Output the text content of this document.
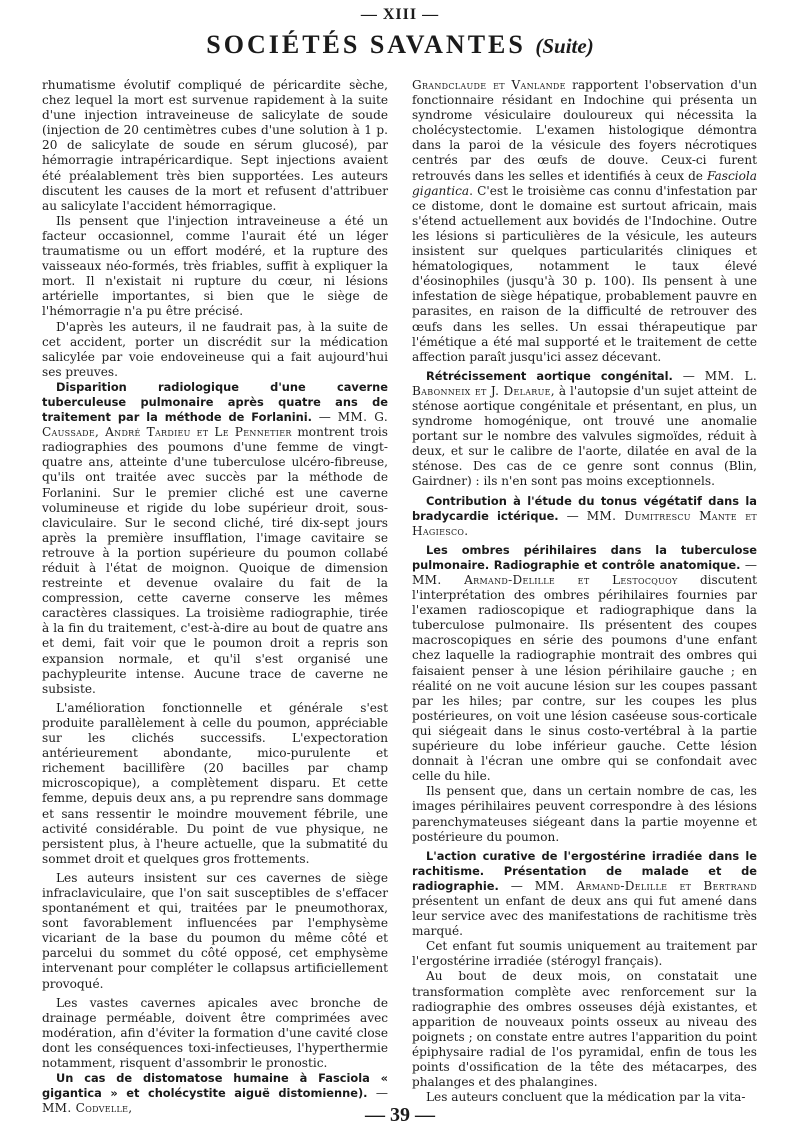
— XIII —
SOCIÉTÉS SAVANTES (Suite)

rhumatisme évolutif compliqué de péricardite sèche, chez lequel la mort est survenue rapidement à la suite d'une injection intraveineuse de salicylate de soude (injection de 20 centimètres cubes d'une solution à 1 p. 20 de salicylate de soude en sérum glucosé), par hémorragie intrapéricardique. Sept injections avaient été préalablement très bien supportées. Les auteurs discutent les causes de la mort et refusent d'attribuer au salicylate l'accident hémorragique.

Ils pensent que l'injection intraveineuse a été un facteur occasionnel, comme l'aurait été un léger traumatisme ou un effort modéré, et la rupture des vaisseaux néo-formés, très friables, suffit à expliquer la mort. Il n'existait ni rupture du cœur, ni lésions artérielle importantes, si bien que le siège de l'hémorragie n'a pu être précisé.

D'après les auteurs, il ne faudrait pas, à la suite de cet accident, porter un discrédit sur la médication salicylée par voie endoveineuse qui a fait aujourd'hui ses preuves.

Disparition radiologique d'une caverne tuberculeuse pulmonaire après quatre ans de traitement par la méthode de Forlanini. — MM. G. Caussade, André Tardieu et Le Pennetier montrent trois radiographies des poumons d'une femme de vingt-quatre ans, atteinte d'une tuberculose ulcéro-fibreuse, qu'ils ont traitée avec succès par la méthode de Forlanini. Sur le premier cliché est une caverne volumineuse et rigide du lobe supérieur droit, sous-claviculaire. Sur le second cliché, tiré dix-sept jours après la première insufflation, l'image cavitaire se retrouve à la portion supérieure du poumon collabé réduit à l'état de moignon. Quoique de dimension restreinte et devenue ovalaire du fait de la compression, cette caverne conserve les mêmes caractères classiques. La troisième radiographie, tirée à la fin du traitement, c'est-à-dire au bout de quatre ans et demi, fait voir que le poumon droit a repris son expansion normale, et qu'il s'est organisé une pachypleurite intense. Aucune trace de caverne ne subsiste.

L'amélioration fonctionnelle et générale s'est produite parallèlement à celle du poumon, appréciable sur les clichés successifs. L'expectoration antérieurement abondante, mico-purulente et richement bacillifère (20 bacilles par champ microscopique), a complètement disparu. Et cette femme, depuis deux ans, a pu reprendre sans dommage et sans ressentir le moindre mouvement fébrile, une activité considérable. Du point de vue physique, ne persistent plus, à l'heure actuelle, que la submatité du sommet droit et quelques gros frottements.

Les auteurs insistent sur ces cavernes de siège infraclaviculaire, que l'on sait susceptibles de s'effacer spontanément et qui, traitées par le pneumothorax, sont favorablement influencées par l'emphysème vicariant de la base du poumon du même côté et parcelui du sommet du côté opposé, cet emphysème intervenant pour compléter le collapsus artificiellement provoqué.

Les vastes cavernes apicales avec bronche de drainage perméable, doivent être comprimées avec modération, afin d'éviter la formation d'une cavité close dont les conséquences toxi-infectieuses, l'hyperthermie notamment, risquent d'assombrir le pronostic.

Un cas de distomatose humaine à Fasciola « gigantica » et cholécystite aiguë distomienne). — MM. Codvelle,

Grandclaude et Vanlande rapportent l'observation d'un fonctionnaire résidant en Indochine qui présenta un syndrome vésiculaire douloureux qui nécessita la cholécystectomie. L'examen histologique démontra dans la paroi de la vésicule des foyers nécrotiques centrés par des œufs de douve. Ceux-ci furent retrouvés dans les selles et identifiés à ceux de Fasciola gigantica. C'est le troisième cas connu d'infestation par ce distome, dont le domaine est surtout africain, mais s'étend actuellement aux bovidés de l'Indochine. Outre les lésions si particulières de la vésicule, les auteurs insistent sur quelques particularités cliniques et hématologiques, notamment le taux élevé d'éosinophiles (jusqu'à 30 p. 100). Ils pensent à une infestation de siège hépatique, probablement pauvre en parasites, en raison de la difficulté de retrouver des œufs dans les selles. Un essai thérapeutique par l'émétique a été mal supporté et le traitement de cette affection paraît jusqu'ici assez décevant.

Rétrécissement aortique congénital. — MM. L. Babonneix et J. Delarue, à l'autopsie d'un sujet atteint de sténose aortique congénitale et présentant, en plus, un syndrome homogénique, ont trouvé une anomalie portant sur le nombre des valvules sigmoïdes, réduit à deux, et sur le calibre de l'aorte, dilatée en aval de la sténose. Des cas de ce genre sont connus (Blin, Gairdner) : ils n'en sont pas moins exceptionnels.

Contribution à l'étude du tonus végétatif dans la bradycardie ictérique. — MM. Dumitrescu Mante et Hagiesco.

Les ombres périhilaires dans la tuberculose pulmonaire. Radiographie et contrôle anatomique. — MM. Armand-Delille et Lestocquoy discutent l'interprétation des ombres périhilaires fournies par l'examen radioscopique et radiographique dans la tuberculose pulmonaire. Ils présentent des coupes macroscopiques en série des poumons d'une enfant chez laquelle la radiographie montrait des ombres qui faisaient penser à une lésion périhilaire gauche ; en réalité on ne voit aucune lésion sur les coupes passant par les hiles; par contre, sur les coupes les plus postérieures, on voit une lésion caséeuse sous-corticale qui siégeait dans le sinus costo-vertébral à la partie supérieure du lobe inférieur gauche. Cette lésion donnait à l'écran une ombre qui se confondait avec celle du hile.

Ils pensent que, dans un certain nombre de cas, les images périhilaires peuvent correspondre à des lésions parenchymateuses siégeant dans la partie moyenne et postérieure du poumon.

L'action curative de l'ergostérine irradiée dans le rachitisme. Présentation de malade et de radiographie. — MM. Armand-Delille et Bertrand présentent un enfant de deux ans qui fut amené dans leur service avec des manifestations de rachitisme très marqué.

Cet enfant fut soumis uniquement au traitement par l'ergostérine irradiée (stérogyl français).

Au bout de deux mois, on constatait une transformation complète avec renforcement sur la radiographie des ombres osseuses déjà existantes, et apparition de nouveaux points osseux au niveau des poignets ; on constate entre autres l'apparition du point épiphysaire radial de l'os pyramidal, enfin de tous les points d'ossification de la tête des métacarpes, des phalanges et des phalangines.

Les auteurs concluent que la médication par la vita-

— 39 —
